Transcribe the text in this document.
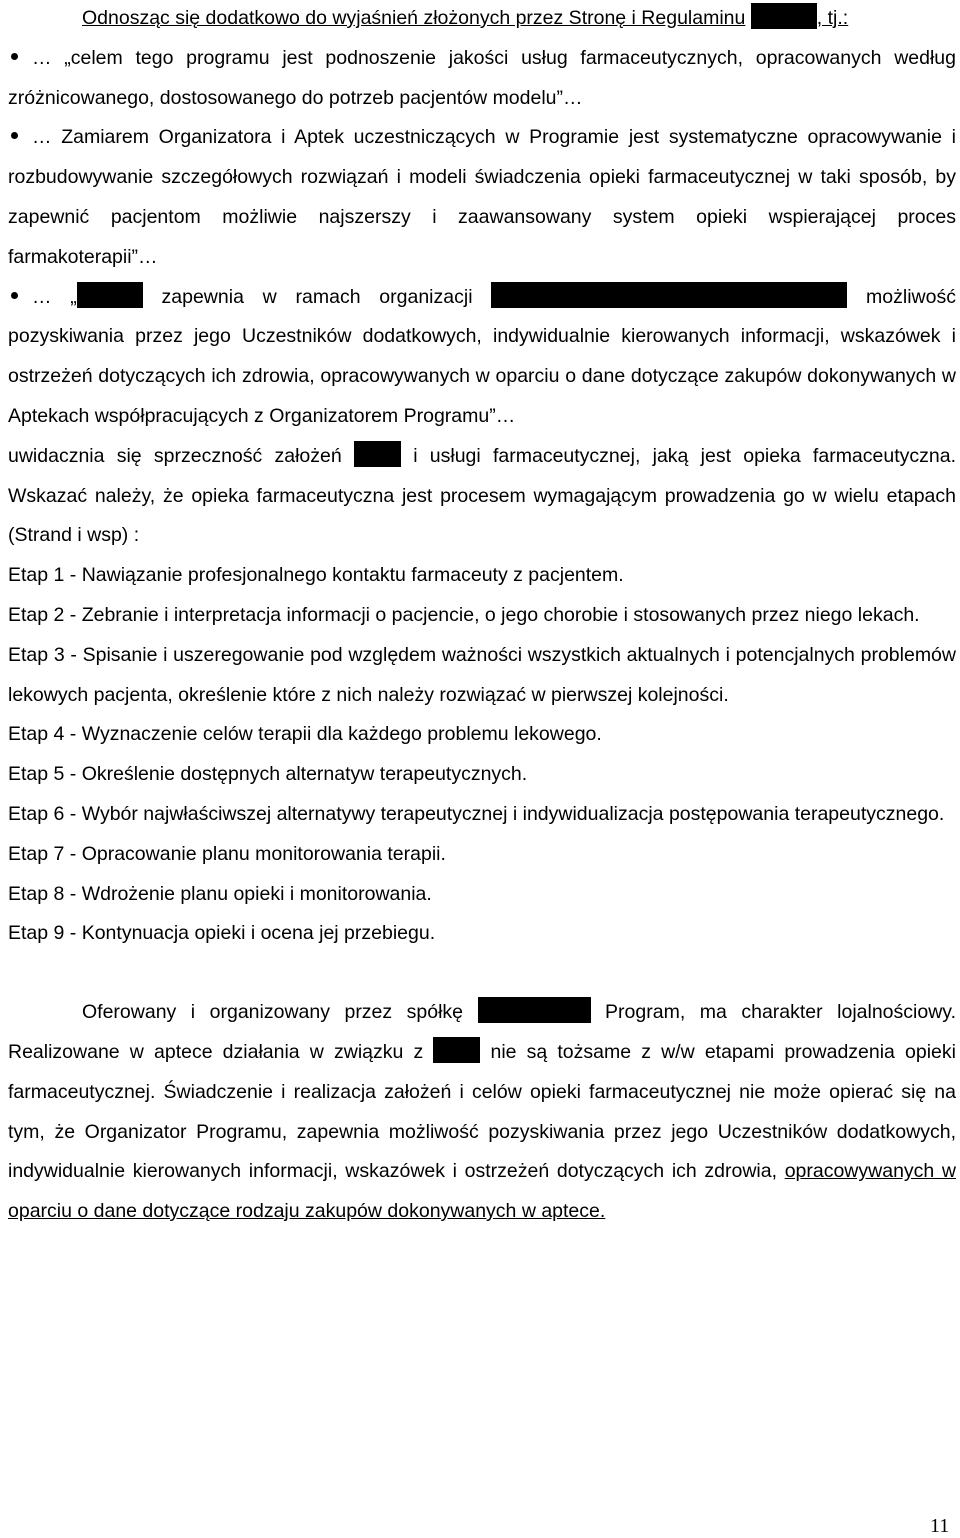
Odnosząc się dodatkowo do wyjaśnień złożonych przez Stronę i Regulaminu	, tj.:

… „celem tego programu jest podnoszenie jakości usług farmaceutycznych, opracowanych według zróżnicowanego, dostosowanego do potrzeb pacjentów modelu”…

… Zamiarem Organizatora i Aptek uczestniczących w Programie jest systematyczne opracowywanie i rozbudowywanie szczegółowych rozwiązań i modeli świadczenia opieki farmaceutycznej w taki sposób, by zapewnić pacjentom możliwie najszerszy i zaawansowany system opieki wspierającej proces farmakoterapii”…

… „	zapewnia w ramach organizacji	możliwość pozyskiwania przez jego Uczestników dodatkowych, indywidualnie kierowanych informacji, wskazówek i ostrzeżeń dotyczących ich zdrowia, opracowywanych w oparciu o dane dotyczące zakupów dokonywanych w Aptekach współpracujących z Organizatorem Programu”…

uwidacznia się sprzeczność założeń  i usługi farmaceutycznej, jaką jest opieka farmaceutyczna. Wskazać należy, że opieka farmaceutyczna jest procesem wymagającym prowadzenia go w wielu etapach (Strand i wsp) :

Etap 1 - Nawiązanie profesjonalnego kontaktu farmaceuty z pacjentem.

Etap 2 - Zebranie i interpretacja informacji o pacjencie, o jego chorobie i stosowanych przez niego lekach.

Etap 3 - Spisanie i uszeregowanie pod względem ważności wszystkich aktualnych i potencjalnych problemów lekowych pacjenta, określenie które z nich należy rozwiązać w pierwszej kolejności.

Etap 4 - Wyznaczenie celów terapii dla każdego problemu lekowego.

Etap 5 - Określenie dostępnych alternatyw terapeutycznych.

Etap 6 - Wybór najwłaściwszej alternatywy terapeutycznej i indywidualizacja postępowania terapeutycznego.

Etap 7 - Opracowanie planu monitorowania terapii.

Etap 8 - Wdrożenie planu opieki i monitorowania.

Etap 9 - Kontynuacja opieki i ocena jej przebiegu.

Oferowany i organizowany przez spółkę	Program, ma charakter lojalnościowy. Realizowane w aptece działania w związku z  nie są tożsame z w/w etapami prowadzenia opieki farmaceutycznej. Świadczenie i realizacja założeń i celów opieki farmaceutycznej nie może opierać się na tym, że Organizator Programu, zapewnia możliwość pozyskiwania przez jego Uczestników dodatkowych, indywidualnie kierowanych informacji, wskazówek i ostrzeżeń dotyczących ich zdrowia, opracowywanych w oparciu o dane dotyczące rodzaju zakupów dokonywanych w aptece.

11
